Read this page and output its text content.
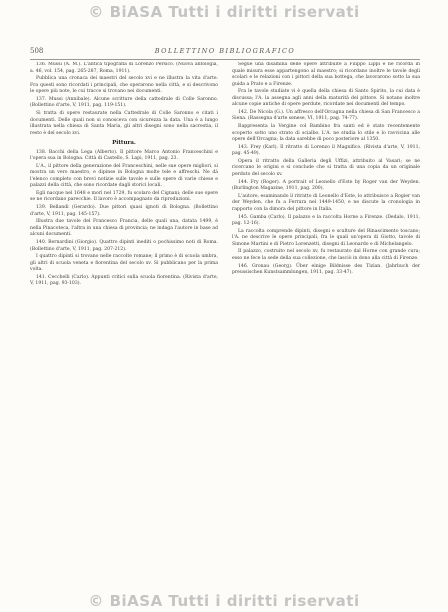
© BiASA Tutti i diritti riservati
508	BOLLETTINO BIBLIOGRAFICO

136. Mussi (A. M.). L'antica tipografia di Lorenzo Persico. (Nuova antologia, a. 46, vol. 154, pag. 265-287, Roma, 1911).

Pubblica una cronaca dei maestri del secolo xvi e ne illustra la vita d'arte. Fra questi sono ricordati i principali, che operarono nella città, e si descrivono le opere più note, le cui tracce si trovano nei documenti.

137. Mussi (Annibale). Alcune scritture della cattedrale di Colle Saronno. (Bollettino d'arte, V, 1911, pag. 119-151).

Si tratta di opere restaurate nella Cattedrale di Colle Saronno e citati i documenti. Delle quali non si conosceva con sicurezza la data. Una è a lungo illustrata nella chiesa di Santa Maria, gli altri disegni sono nella sacrestia, il resto è del secolo xvi.

Pittura.

138. Bacchi della Lega (Alberto). Il pittore Marco Antonio Franceschini e l'opera sua in Bologna. Città di Castello, S. Lapi, 1911, pag. 23.

L'A., il pittore della generazione del Franceschini, nelle sue opere migliori, si mostra un vero maestro, e dipinse in Bologna molte tele e affreschi. Ne dà l'elenco completo con brevi notizie sulle tavole e sulle opere di varie chiese e palazzi della città, che sono ricordate dagli storici locali.

Egli nacque nel 1648 e morì nel 1729, fu scolaro del Cignani; delle sue opere se ne ricordano parecchie. Il lavoro è accompagnato da riproduzioni.

139. Bellandi (Gerardo). Due pittori quasi ignoti di Bologna. (Bollettino d'arte, V, 1911, pag. 145-157).

Illustra due tavole del Francesco Francia, delle quali una, datata 1499, è nella Pinacoteca, l'altra in una chiesa di provincia; ne indaga l'autore in base ad alcuni documenti.

140. Bernardini (Giorgio). Quattro dipinti inediti o pochissimo noti di Roma. (Bollettino d'arte, V, 1911, pag. 207-212).

I quattro dipinti si trovano nelle raccolte romane; il primo è di scuola umbra, gli altri di scuola veneta e fiorentina del secolo xv. Si pubblicano per la prima volta.

141. Cecchelli (Carlo). Appunti critici sulla scuola fiorentina. (Rivista d'arte, V, 1911, pag. 93-103).

Segue una disamina delle opere attribuite a Filippo Lippi e ne ricorda in quale misura esse appartengono al maestro; si ricordano inoltre le tavole degli scolari e le relazioni con i pittori della sua bottega, che lavorarono sotto la sua guida a Prato e a Firenze.

Fra le tavole studiate vi è quella della chiesa di Santo Spirito, la cui data è discussa; l'A. la assegna agli anni della maturità del pittore. Si notano inoltre alcune copie antiche di opere perdute, ricordate nei documenti del tempo.

142. De Nicola (G.). Un affresco dell'Orcagna nella chiesa di San Francesco a Siena. (Rassegna d'arte senese, VI, 1911, pag. 74-77).

Rappresenta la Vergine col Bambino fra santi ed è stato recentemente scoperto sotto uno strato di scialbo. L'A. ne studia lo stile e lo ravvicina alle opere dell'Orcagna; la data sarebbe di poco posteriore al 1350.

143. Frey (Karl). Il ritratto di Lorenzo il Magnifico. (Rivista d'arte, V, 1911, pag. 45-49).

Opera il ritratto della Galleria degli Uffizi, attribuito al Vasari; se ne ricercano le origini e si conclude che si tratta di una copia da un originale perduto del secolo xv.

144. Fry (Roger). A portrait of Leonello d'Este by Roger van der Weyden. (Burlington Magazine, 1911, pag. 200).

L'autore, esaminando il ritratto di Leonello d'Este, lo attribuisce a Rogier van der Weyden, che fu a Ferrara nel 1449-1450, e ne discute la cronologia in rapporto con la dimora del pittore in Italia.

145. Gamba (Carlo). Il palazzo e la raccolta Horne a Firenze. (Dedalo, 1911, pag. 12-16).

La raccolta comprende dipinti, disegni e sculture del Rinascimento toscano; l'A. ne descrive le opere principali, fra le quali un'opera di Giotto, tavole di Simone Martini e di Pietro Lorenzetti, disegni di Leonardo e di Michelangelo.

Il palazzo, costruito nel secolo xv, fu restaurato dal Horne con grande cura; esso ne fece la sede della sua collezione, che lasciò in dono alla città di Firenze.

146. Gronau (Georg). Über einige Bildnisse des Tizian. (Jahrbuch der preussischen Kunstsammlungen, 1911, pag. 33-47).

© BiASA Tutti i diritti riservati
